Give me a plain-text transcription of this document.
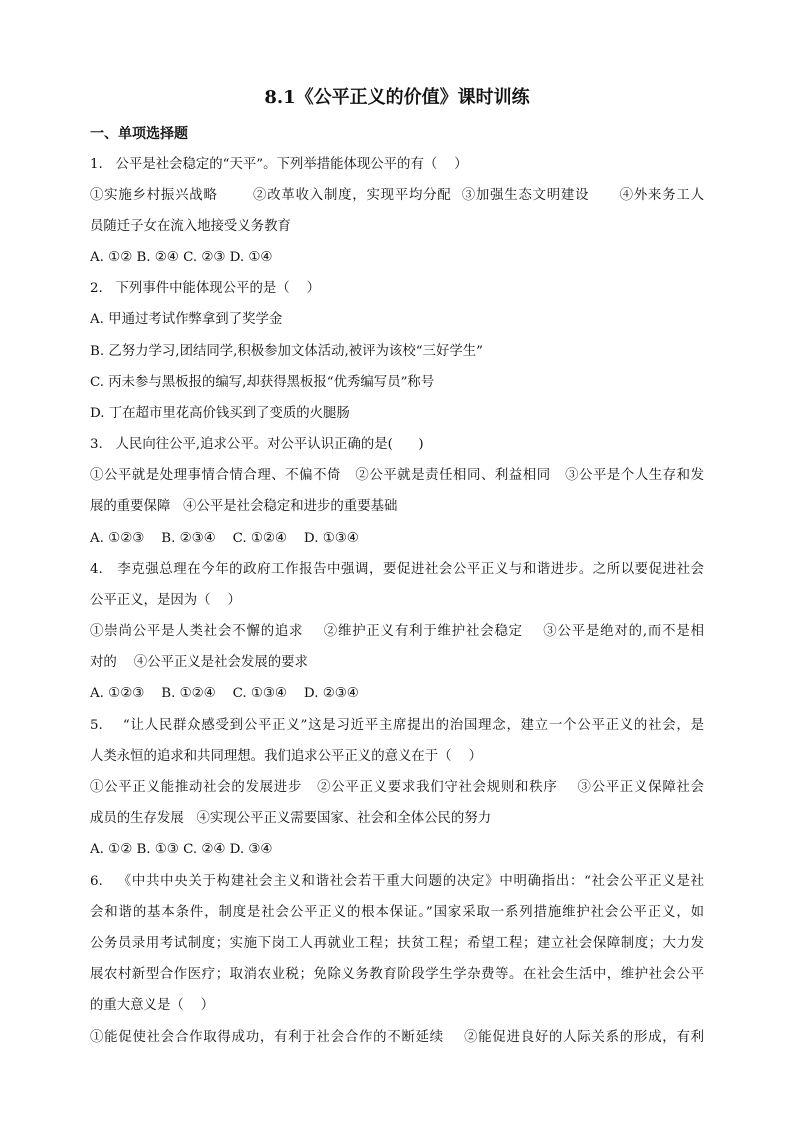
8.1《公平正义的价值》课时训练
一、单项选择题
1.   公平是社会稳定的“天平”。下列举措能体现公平的有（    ）
①实施乡村振兴战略       ②改革收入制度，实现平均分配  ③加强生态文明建设      ④外来务工人
员随迁子女在流入地接受义务教育
A. ①② B. ②④ C. ②③ D. ①④
2.   下列事件中能体现公平的是（    ）
A. 甲通过考试作弊拿到了奖学金
B. 乙努力学习,团结同学,积极参加文体活动,被评为该校“三好学生”
C. 丙未参与黑板报的编写,却获得黑板报“优秀编写员”称号
D. 丁在超市里花高价钱买到了变质的火腿肠
3.   人民向往公平,追求公平。对公平认识正确的是(      )
①公平就是处理事情合情合理、不偏不倚   ②公平就是责任相同、利益相同   ③公平是个人生存和发
展的重要保障   ④公平是社会稳定和进步的重要基础
A. ①②③    B. ②③④    C. ①②④    D. ①③④
4.   李克强总理在今年的政府工作报告中强调，要促进社会公平正义与和谐进步。之所以要促进社会
公平正义，是因为（    ）
①崇尚公平是人类社会不懈的追求    ②维护正义有利于维护社会稳定    ③公平是绝对的,而不是相
对的    ④公平正义是社会发展的要求
A. ①②③    B. ①②④    C. ①③④    D. ②③④
5.    “让人民群众感受到公平正义”这是习近平主席提出的治国理念，建立一个公平正义的社会，是
人类永恒的追求和共同理想。我们追求公平正义的意义在于（    ）
①公平正义能推动社会的发展进步   ②公平正义要求我们守社会规则和秩序    ③公平正义保障社会
成员的生存发展   ④实现公平正义需要国家、社会和全体公民的努力
A. ①② B. ①③ C. ②④ D. ③④
6.   《中共中央关于构建社会主义和谐社会若干重大问题的决定》中明确指出：“社会公平正义是社
会和谐的基本条件，制度是社会公平正义的根本保证。”国家采取一系列措施维护社会公平正义，如
公务员录用考试制度；实施下岗工人再就业工程；扶贫工程；希望工程；建立社会保障制度；大力发
展农村新型合作医疗；取消农业税；免除义务教育阶段学生学杂费等。在社会生活中，维护社会公平
的重大意义是（    ）
①能促使社会合作取得成功，有利于社会合作的不断延续    ②能促进良好的人际关系的形成，有利
